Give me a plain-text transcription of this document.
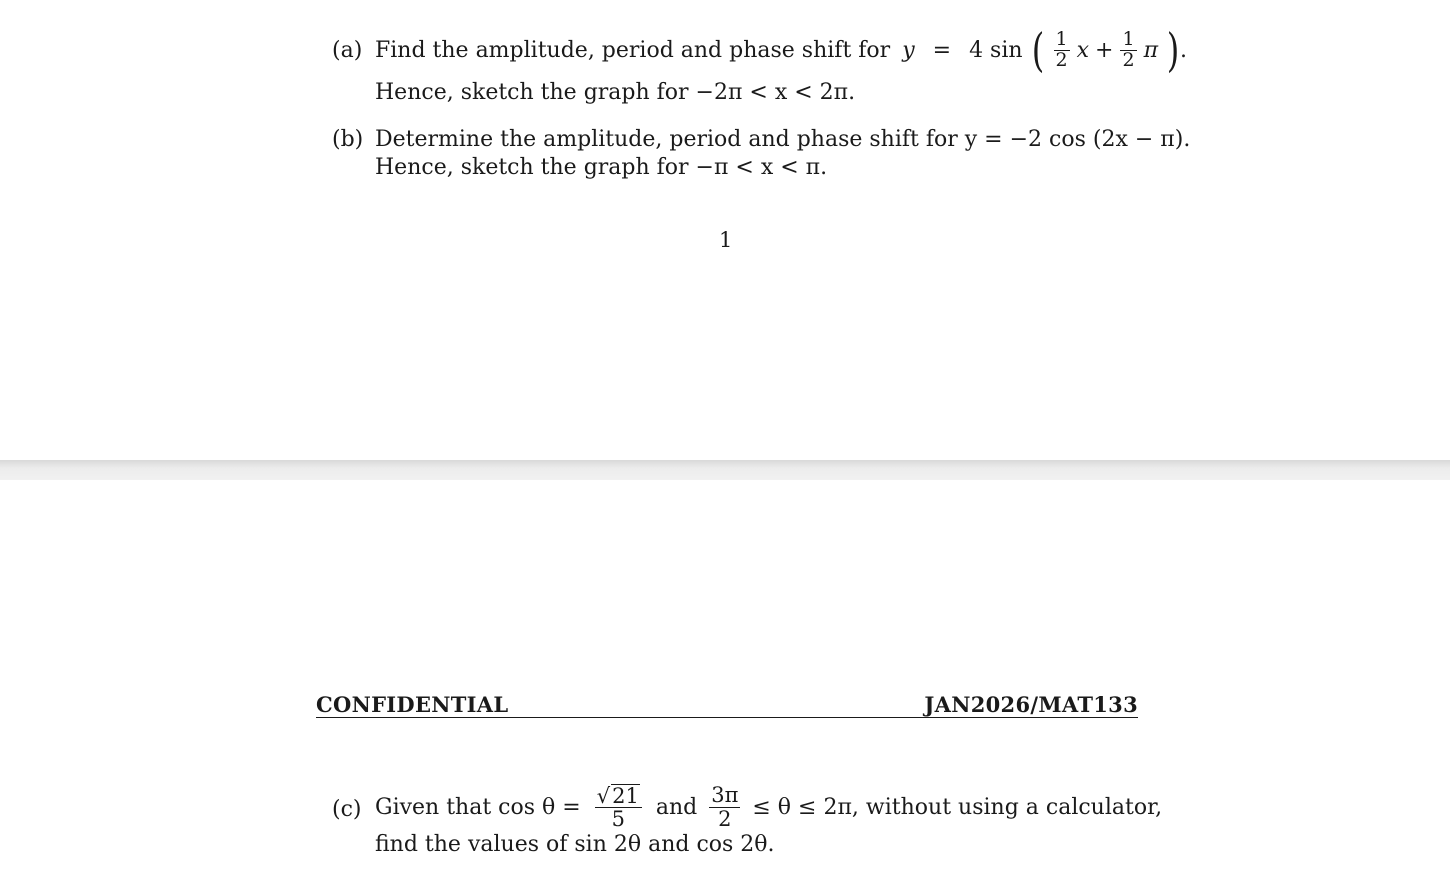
(a) Find the amplitude, period and phase shift for y = 4 sin ( $\frac{1}{2}$ $x + \frac{1}{2}$ π ) .
Hence, sketch the graph for −2π < x < 2π.
(b) Determine the amplitude, period and phase shift for y = −2 cos (2x − π).
Hence, sketch the graph for −π < x < π.
1
CONFIDENTIAL	JAN2026/MAT133
(c) Given that $\cos \theta = \frac{√21}{5}$ and $\frac{3\pi}{2} \le \theta \le 2\pi$, without using a calculator,
find the values of sin 2θ and cos 2θ.
